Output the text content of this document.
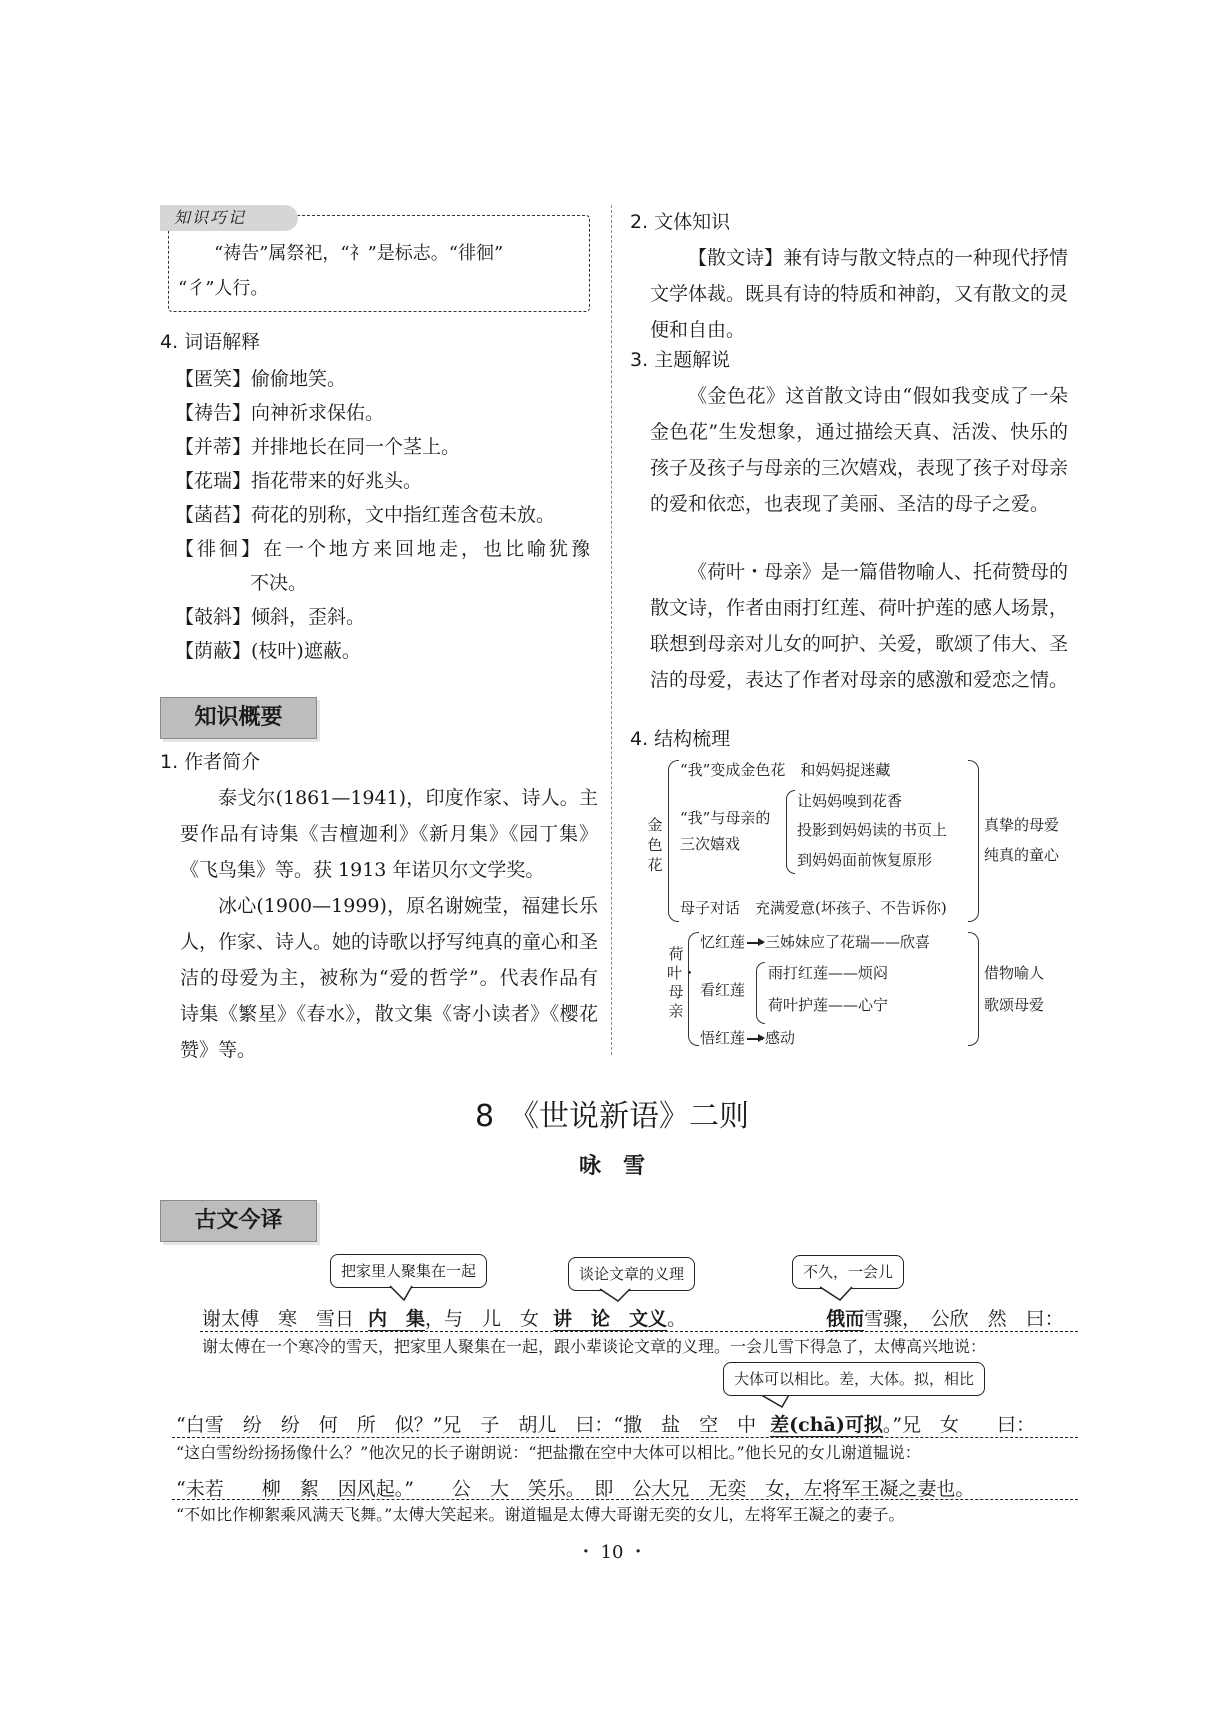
知识巧记
“祷告”属祭祀，“礻”是标志。“徘徊”
“彳”人行。
4. 词语解释
【匿笑】偷偷地笑。
【祷告】向神祈求保佑。
【并蒂】并排地长在同一个茎上。
【花瑞】指花带来的好兆头。
【菡萏】荷花的别称，文中指红莲含苞未放。
【徘徊】在一个地方来回地走，也比喻犹豫
不决。
【攲斜】倾斜，歪斜。
【荫蔽】(枝叶)遮蔽。
知识概要
1. 作者简介
泰戈尔(1861—1941)，印度作家、诗人。主要作品有诗集《吉檀迦利》《新月集》《园丁集》《飞鸟集》等。获 1913 年诺贝尔文学奖。
冰心(1900—1999)，原名谢婉莹，福建长乐人，作家、诗人。她的诗歌以抒写纯真的童心和圣洁的母爱为主，被称为“爱的哲学”。代表作品有诗集《繁星》《春水》，散文集《寄小读者》《樱花赞》等。
2. 文体知识
【散文诗】兼有诗与散文特点的一种现代抒情文学体裁。既具有诗的特质和神韵，又有散文的灵便和自由。
3. 主题解说
《金色花》这首散文诗由“假如我变成了一朵金色花”生发想象，通过描绘天真、活泼、快乐的孩子及孩子与母亲的三次嬉戏，表现了孩子对母亲的爱和依恋，也表现了美丽、圣洁的母子之爱。
《荷叶・母亲》是一篇借物喻人、托荷赞母的散文诗，作者由雨打红莲、荷叶护莲的感人场景，联想到母亲对儿女的呵护、关爱，歌颂了伟大、圣洁的母爱，表达了作者对母亲的感激和爱恋之情。
4. 结构梳理
金色花
“我”变成金色花　和妈妈捉迷藏
“我”与母亲的
三次嬉戏
让妈妈嗅到花香
投影到妈妈读的书页上
到妈妈面前恢复原形
母子对话　充满爱意(坏孩子、不告诉你)
真挚的母爱
纯真的童心
荷叶・母亲
忆红莲 三姊妹应了花瑞——欣喜
看红莲
雨打红莲——烦闷
荷叶护莲——心宁
悟红莲 感动
借物喻人
歌颂母爱
8　《世说新语》二则
咏　雪
古文今译
把家里人聚集在一起	谈论文章的义理	不久，一会儿
谢太傅　寒　雪日 内　集，与　儿　女 讲　论　文义。	俄而雪骤，　公欣　然　曰：
谢太傅在一个寒冷的雪天，把家里人聚集在一起，跟小辈谈论文章的义理。一会儿雪下得急了，太傅高兴地说：
大体可以相比。差，大体。拟，相比
“白雪　纷　纷　何　所　似？”兄　子　胡儿　曰：“撒　盐　空　中 差(chā)可拟。”兄　女　　曰：
“这白雪纷纷扬扬像什么？”他次兄的长子谢朗说：“把盐撒在空中大体可以相比。”他长兄的女儿谢道韫说：
“未若　　柳　絮　因风起。”　　公　大　笑乐。　即　公大兄　无奕　女，左将军王凝之妻也。
“不如比作柳絮乘风满天飞舞。”太傅大笑起来。谢道韫是太傅大哥谢无奕的女儿，左将军王凝之的妻子。
・ 10 ・
